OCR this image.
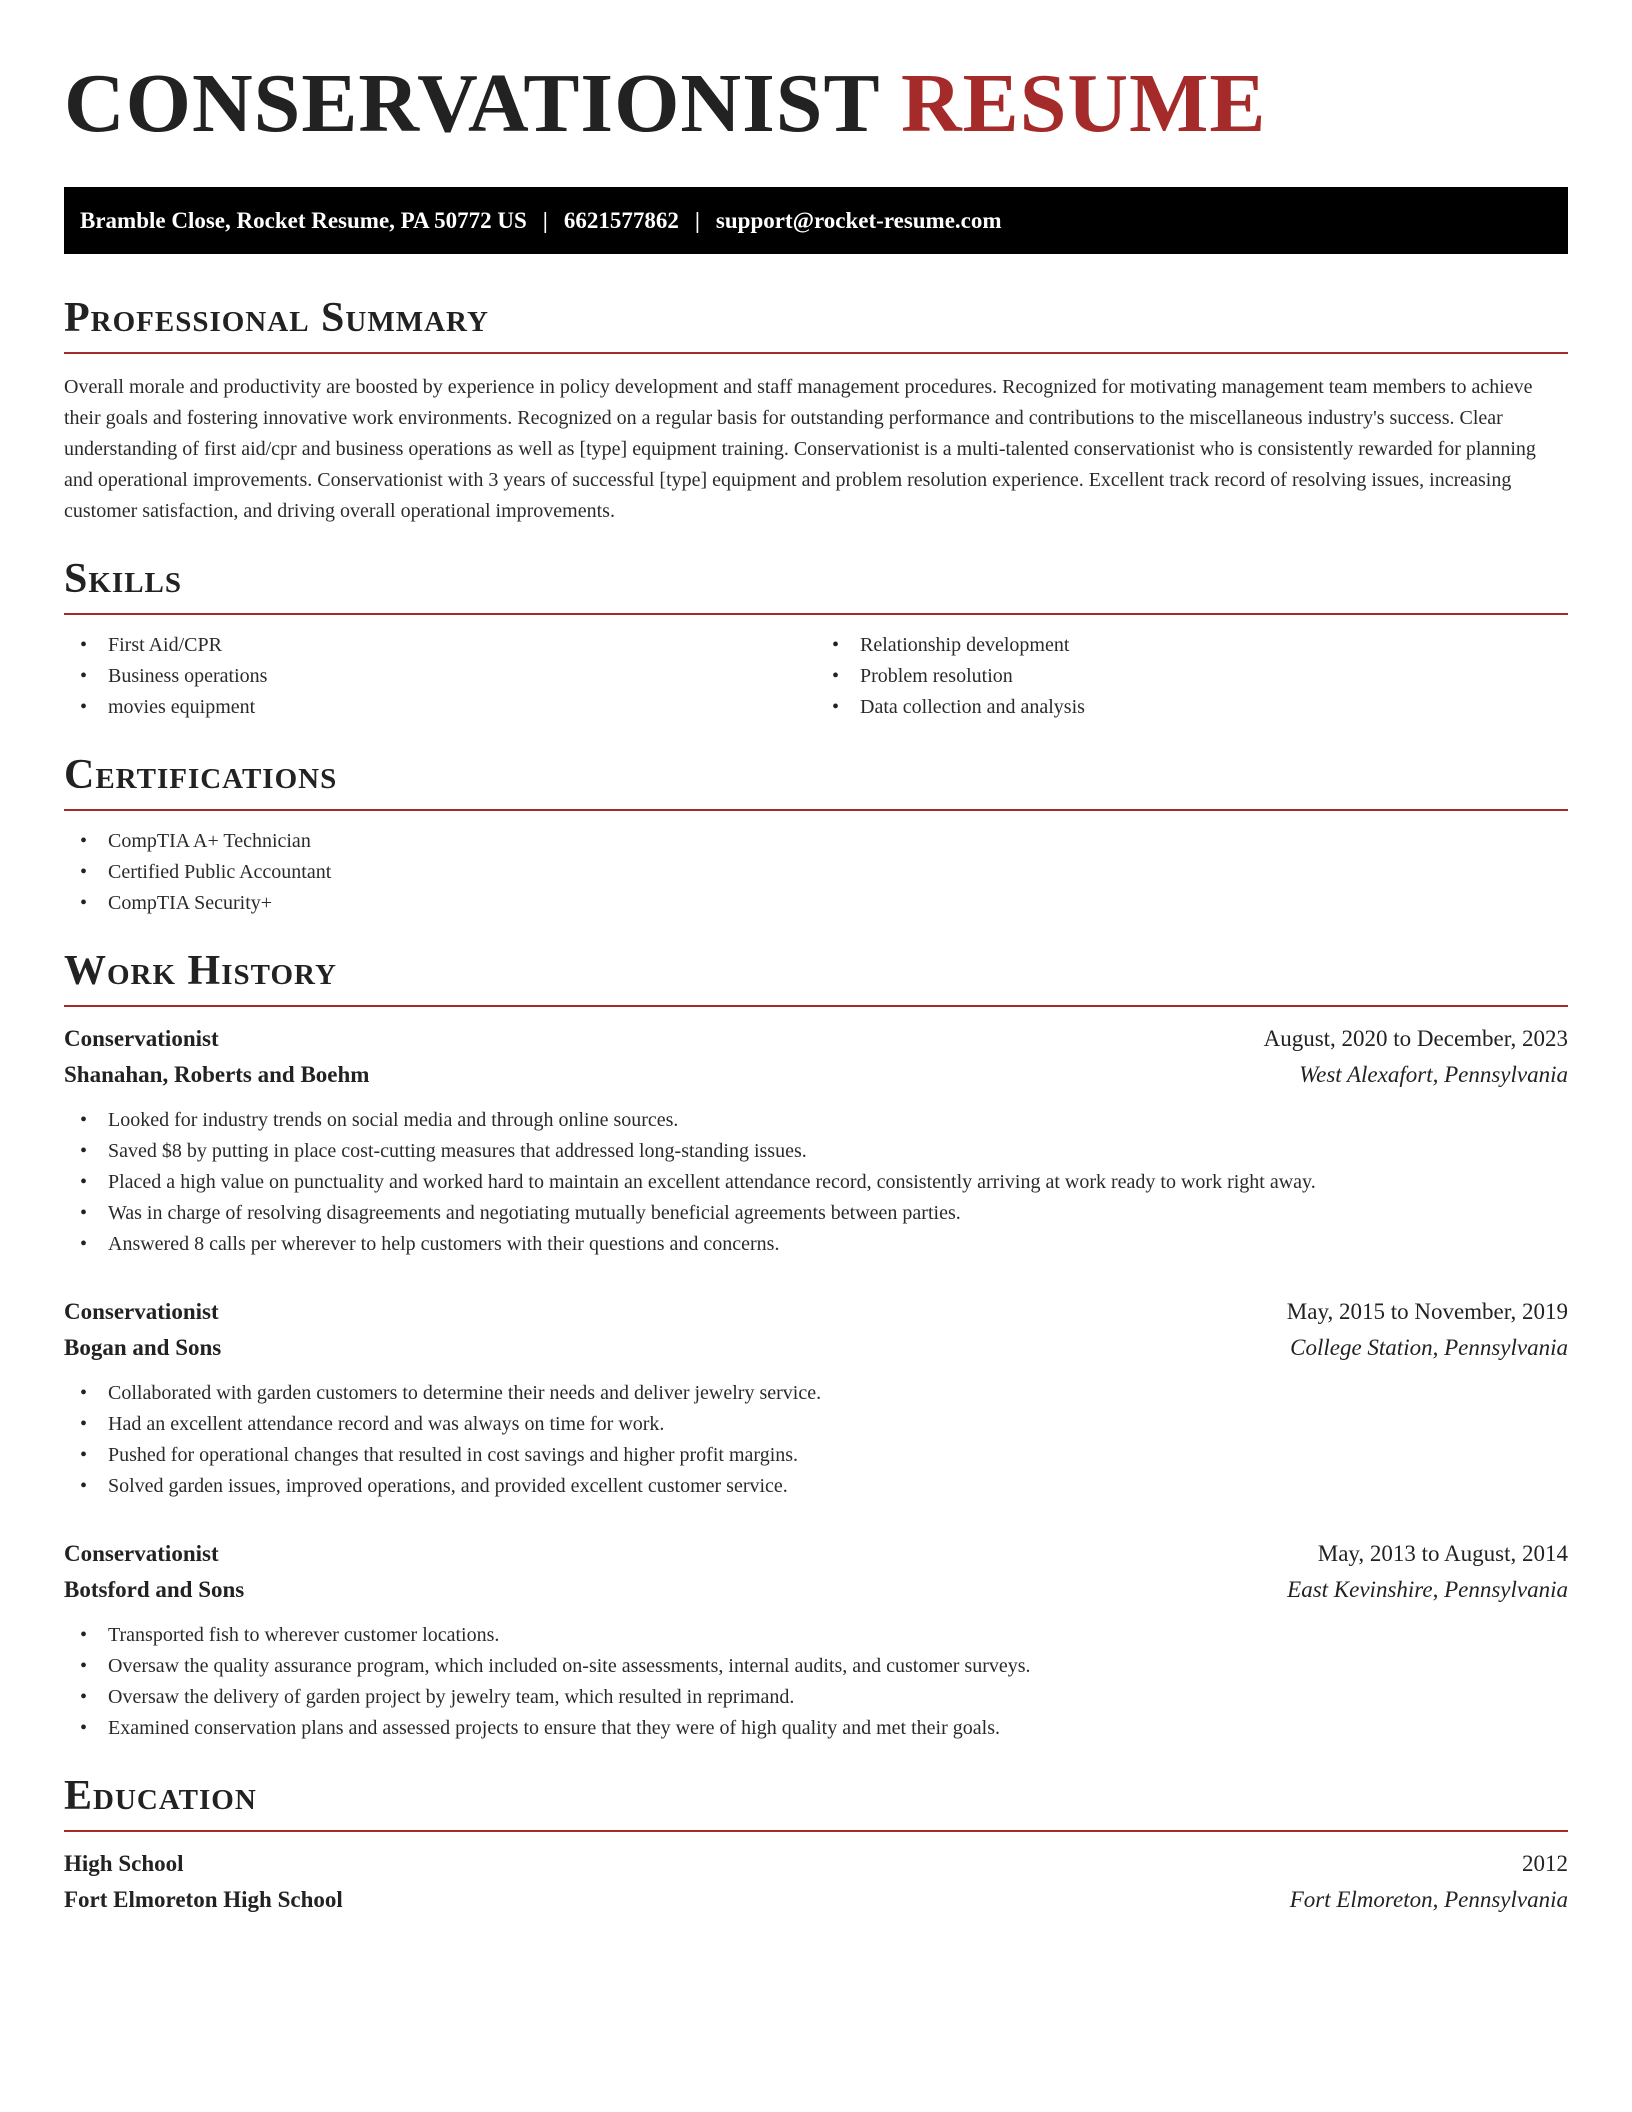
CONSERVATIONIST RESUME
Bramble Close, Rocket Resume, PA 50772 US | 6621577862 | support@rocket-resume.com
Professional Summary

Overall morale and productivity are boosted by experience in policy development and staff management procedures. Recognized for motivating management team members to achieve their goals and fostering innovative work environments. Recognized on a regular basis for outstanding performance and contributions to the miscellaneous industry's success. Clear understanding of first aid/cpr and business operations as well as [type] equipment training. Conservationist is a multi-talented conservationist who is consistently rewarded for planning and operational improvements. Conservationist with 3 years of successful [type] equipment and problem resolution experience. Excellent track record of resolving issues, increasing customer satisfaction, and driving overall operational improvements.

Skills
• First Aid/CPR
• Business operations
• movies equipment
• Relationship development
• Problem resolution
• Data collection and analysis
Certifications
• CompTIA A+ Technician
• Certified Public Accountant
• CompTIA Security+
Work History
Conservationist	August, 2020 to December, 2023
Shanahan, Roberts and Boehm	West Alexafort, Pennsylvania
• Looked for industry trends on social media and through online sources.
• Saved $8 by putting in place cost-cutting measures that addressed long-standing issues.
• Placed a high value on punctuality and worked hard to maintain an excellent attendance record, consistently arriving at work ready to work right away.
• Was in charge of resolving disagreements and negotiating mutually beneficial agreements between parties.
• Answered 8 calls per wherever to help customers with their questions and concerns.
Conservationist	May, 2015 to November, 2019
Bogan and Sons	College Station, Pennsylvania
• Collaborated with garden customers to determine their needs and deliver jewelry service.
• Had an excellent attendance record and was always on time for work.
• Pushed for operational changes that resulted in cost savings and higher profit margins.
• Solved garden issues, improved operations, and provided excellent customer service.
Conservationist	May, 2013 to August, 2014
Botsford and Sons	East Kevinshire, Pennsylvania
• Transported fish to wherever customer locations.
• Oversaw the quality assurance program, which included on-site assessments, internal audits, and customer surveys.
• Oversaw the delivery of garden project by jewelry team, which resulted in reprimand.
• Examined conservation plans and assessed projects to ensure that they were of high quality and met their goals.
Education
High School	2012
Fort Elmoreton High School	Fort Elmoreton, Pennsylvania
